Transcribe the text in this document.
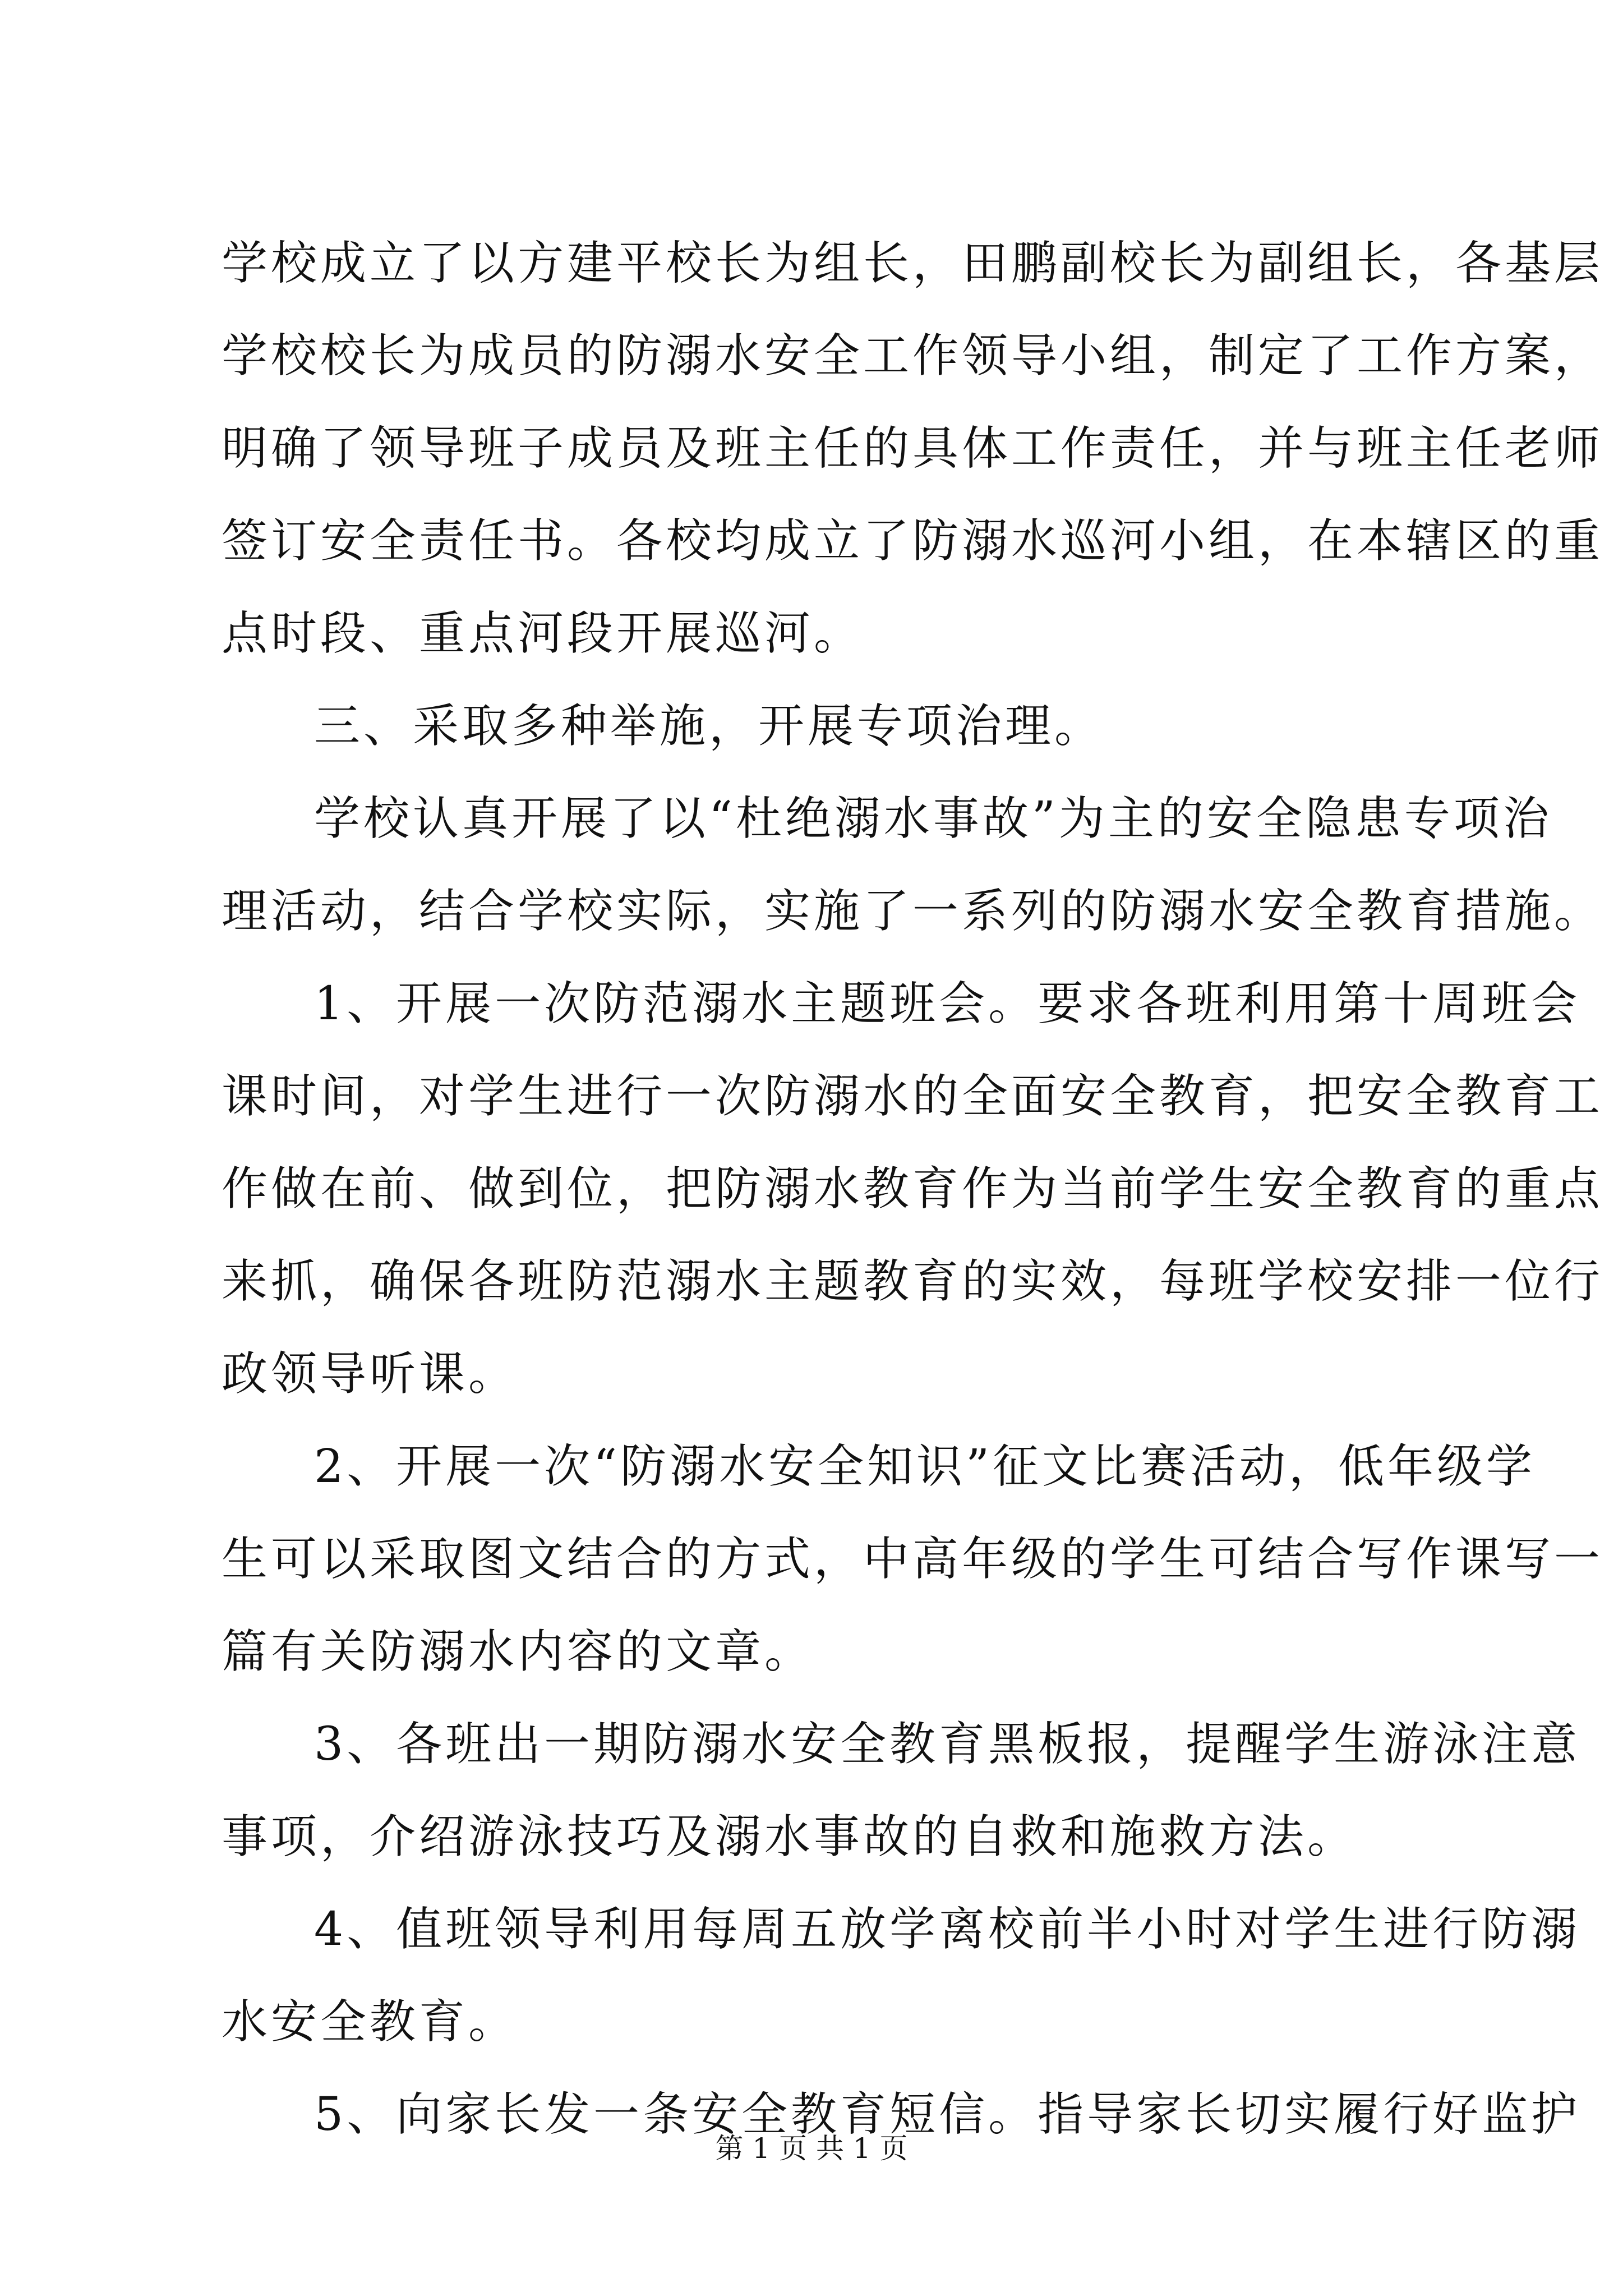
学校成立了以方建平校长为组长，田鹏副校长为副组长，各基层
学校校长为成员的防溺水安全工作领导小组，制定了工作方案，
明确了领导班子成员及班主任的具体工作责任，并与班主任老师
签订安全责任书。各校均成立了防溺水巡河小组，在本辖区的重
点时段、重点河段开展巡河。
三、采取多种举施，开展专项治理。
学校认真开展了以“杜绝溺水事故”为主的安全隐患专项治
理活动，结合学校实际，实施了一系列的防溺水安全教育措施。
1、开展一次防范溺水主题班会。要求各班利用第十周班会
课时间，对学生进行一次防溺水的全面安全教育，把安全教育工
作做在前、做到位，把防溺水教育作为当前学生安全教育的重点
来抓，确保各班防范溺水主题教育的实效，每班学校安排一位行
政领导听课。
2、开展一次“防溺水安全知识”征文比赛活动，低年级学
生可以采取图文结合的方式，中高年级的学生可结合写作课写一
篇有关防溺水内容的文章。
3、各班出一期防溺水安全教育黑板报，提醒学生游泳注意
事项，介绍游泳技巧及溺水事故的自救和施救方法。
4、值班领导利用每周五放学离校前半小时对学生进行防溺
水安全教育。
5、向家长发一条安全教育短信。指导家长切实履行好监护
第 1 页 共 1 页
